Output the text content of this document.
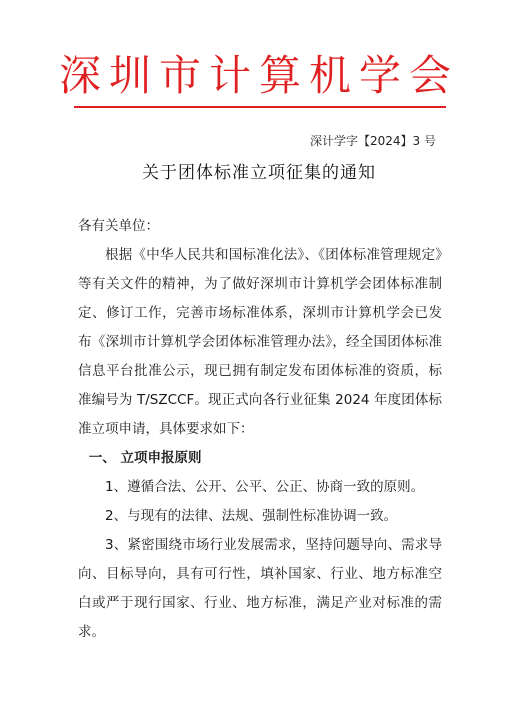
深圳市计算机学会
深计学字【2024】3 号
关于团体标准立项征集的通知

各有关单位：

根据《中华人民共和国标准化法》、《团体标准管理规定》等有关文件的精神，为了做好深圳市计算机学会团体标准制定、修订工作，完善市场标准体系，深圳市计算机学会已发布《深圳市计算机学会团体标准管理办法》，经全国团体标准信息平台批准公示，现已拥有制定发布团体标准的资质，标准编号为 T/SZCCF。现正式向各行业征集 2024 年度团体标准立项申请，具体要求如下：

一、 立项申报原则

1、遵循合法、公开、公平、公正、协商一致的原则。

2、与现有的法律、法规、强制性标准协调一致。

3、紧密围绕市场行业发展需求，坚持问题导向、需求导向、目标导向，具有可行性，填补国家、行业、地方标准空白或严于现行国家、行业、地方标准，满足产业对标准的需求。
